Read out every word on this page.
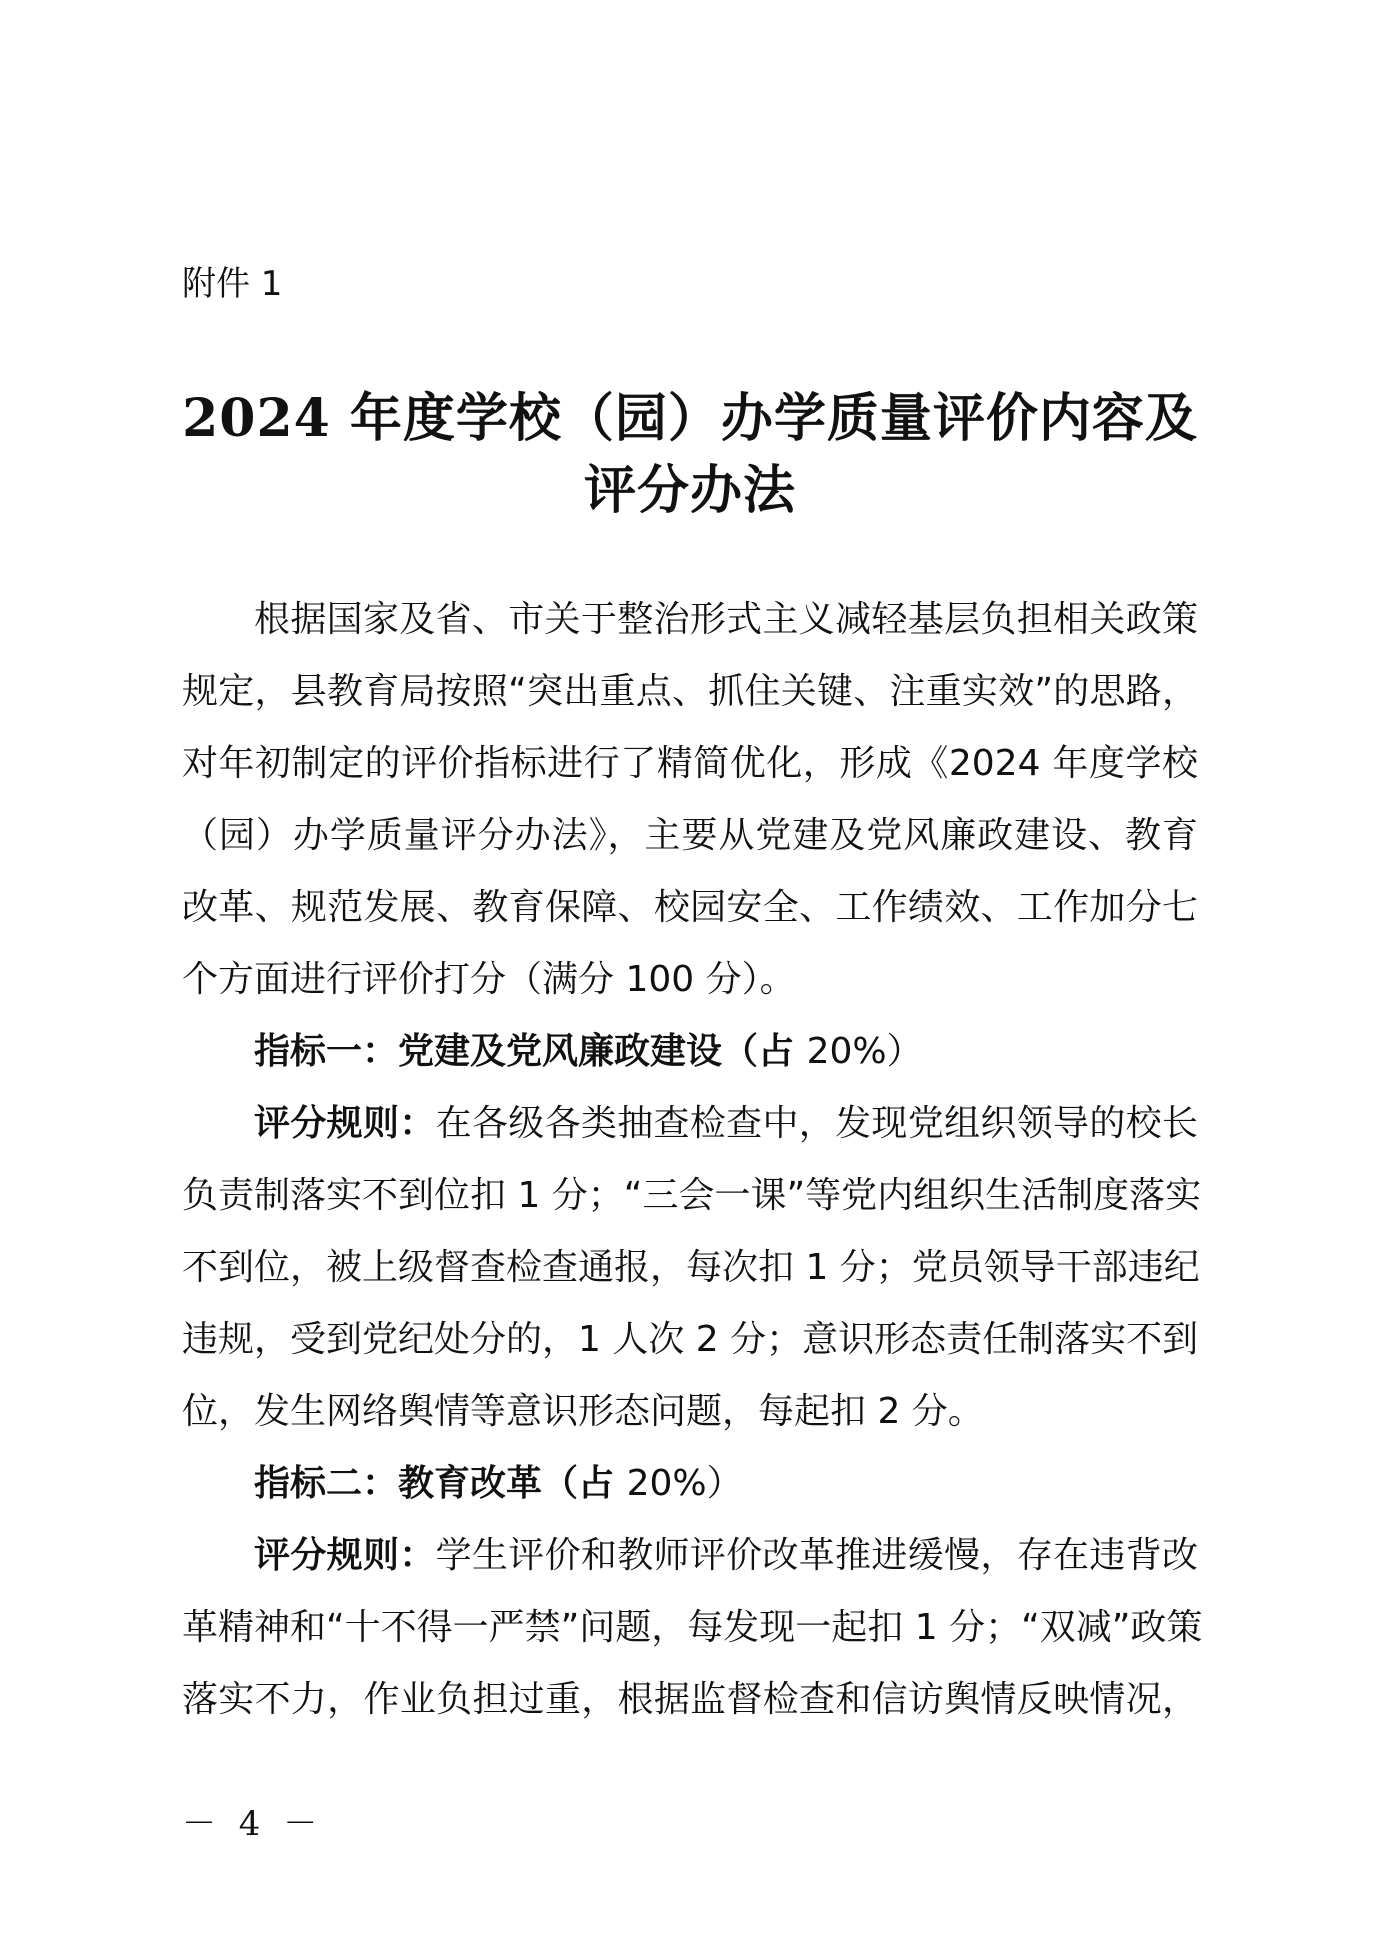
附件 1
2024 年度学校（园）办学质量评价内容及
评分办法
根据国家及省、市关于整治形式主义减轻基层负担相关政策
规定，县教育局按照“突出重点、抓住关键、注重实效”的思路，
对年初制定的评价指标进行了精简优化，形成《2024 年度学校
（园）办学质量评分办法》，主要从党建及党风廉政建设、教育
改革、规范发展、教育保障、校园安全、工作绩效、工作加分七
个方面进行评价打分（满分 100 分）。
指标一：党建及党风廉政建设（占 20%）
评分规则：在各级各类抽查检查中，发现党组织领导的校长
负责制落实不到位扣 1 分；“三会一课”等党内组织生活制度落实
不到位，被上级督查检查通报，每次扣 1 分；党员领导干部违纪
违规，受到党纪处分的，1 人次 2 分；意识形态责任制落实不到
位，发生网络舆情等意识形态问题，每起扣 2 分。
指标二：教育改革（占 20%）
评分规则：学生评价和教师评价改革推进缓慢，存在违背改
革精神和“十不得一严禁”问题，每发现一起扣 1 分；“双减”政策
落实不力，作业负担过重，根据监督检查和信访舆情反映情况，
－ 4 －
